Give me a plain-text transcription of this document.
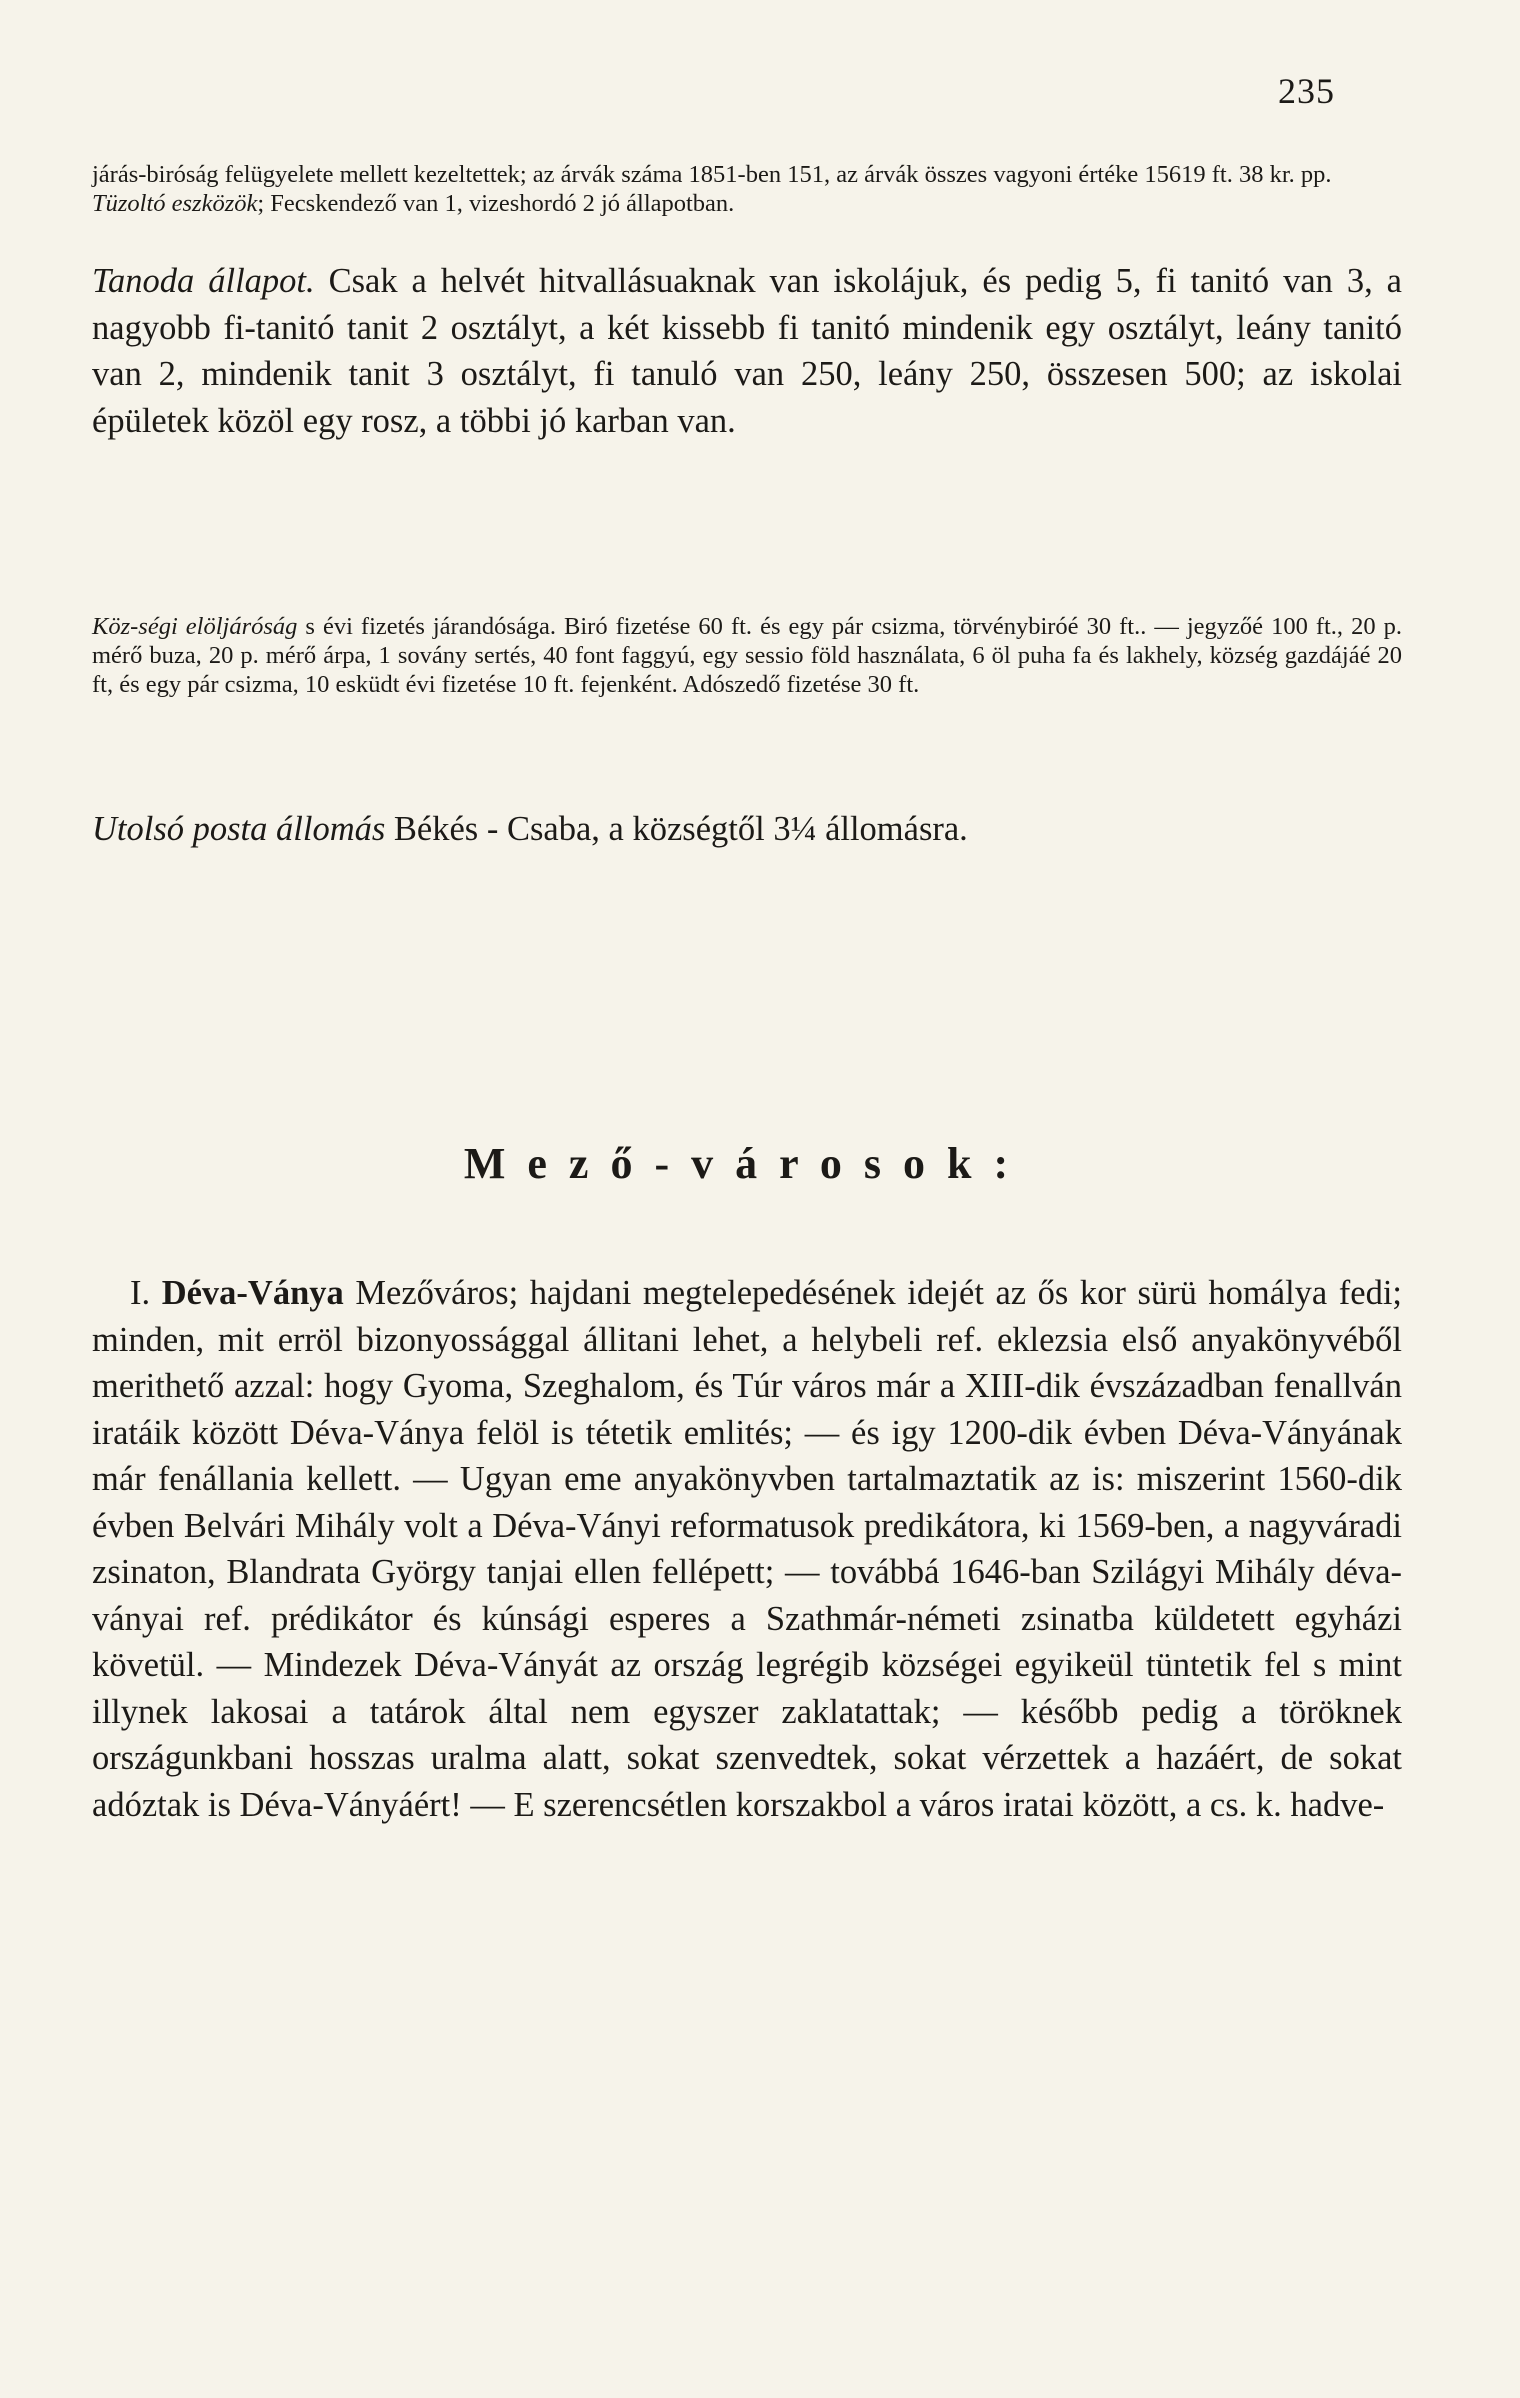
235

járás-biróság felügyelete mellett kezeltettek; az árvák száma 1851-ben 151, az árvák összes vagyoni értéke 15619 ft. 38 kr. pp.

Tüzoltó eszközök; Fecskendező van 1, vizeshordó 2 jó állapotban.

Tanoda állapot. Csak a helvét hitvallásuaknak van iskolájuk, és pedig 5, fi tanitó van 3, a nagyobb fi-tanitó tanit 2 osztályt, a két kissebb fi tanitó mindenik egy osztályt, leány tanitó van 2, mindenik tanit 3 osztályt, fi tanuló van 250, leány 250, összesen 500; az iskolai épületek közöl egy rosz, a többi jó karban van.

Köz-ségi elöljáróság s évi fizetés járandósága. Biró fizetése 60 ft. és egy pár csizma, törvénybiróé 30 ft.. — jegyzőé 100 ft., 20 p. mérő buza, 20 p. mérő árpa, 1 sovány sertés, 40 font faggyú, egy sessio föld használata, 6 öl puha fa és lakhely, község gazdájáé 20 ft, és egy pár csizma, 10 esküdt évi fizetése 10 ft. fejenként. Adószedő fizetése 30 ft.

Utolsó posta állomás Békés - Csaba, a községtől 3¼ állomásra.

Mező-városok:

I. Déva-Ványa Mezőváros; hajdani megtelepedésének idejét az ős kor sürü homálya fedi; minden, mit erröl bizonyossággal állitani lehet, a helybeli ref. eklezsia első anyakönyvéből merithető azzal: hogy Gyoma, Szeghalom, és Túr város már a XIII-dik évszázadban fenallván iratáik között Déva-Ványa felöl is tétetik emlités; — és igy 1200-dik évben Déva-Ványának már fenállania kellett. — Ugyan eme anyakönyvben tartalmaztatik az is: miszerint 1560-dik évben Belvári Mihály volt a Déva-Ványi reformatusok predikátora, ki 1569-ben, a nagyváradi zsinaton, Blandrata György tanjai ellen fellépett; — továbbá 1646-ban Szilágyi Mihály déva-ványai ref. prédikátor és kúnsági esperes a Szathmár-németi zsinatba küldetett egyházi követül. — Mindezek Déva-Ványát az ország legrégib községei egyikeül tüntetik fel s mint illynek lakosai a tatárok által nem egyszer zaklatattak; — később pedig a töröknek országunkbani hosszas uralma alatt, sokat szenvedtek, sokat vérzettek a hazáért, de sokat adóztak is Déva-Ványáért! — E szerencsétlen korszakbol a város iratai között, a cs. k. hadve-
